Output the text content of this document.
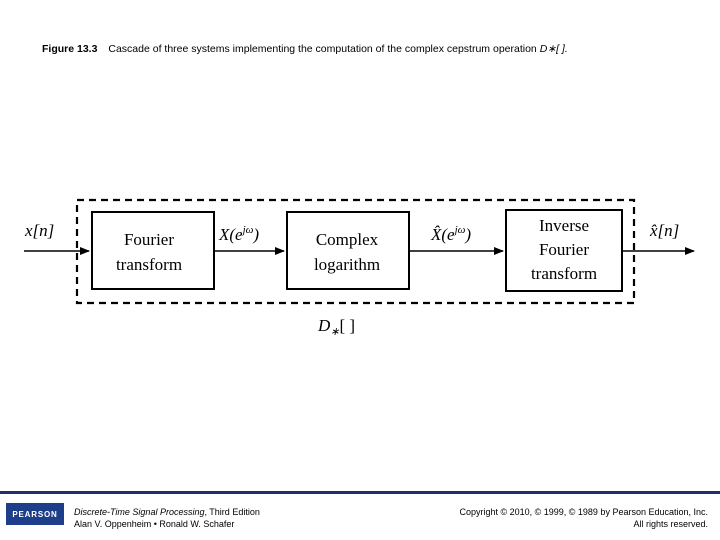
Figure 13.3 Cascade of three systems implementing the computation of the complex cepstrum operation D∗[ ].
Fourier
transform
Complex
logarithm
Inverse
Fourier
transform
x[n]	x̂[n]
$X(e^{j\omega})$	$X̂(e^{j\omega})$
$D_∗$[ ]
PEARSON	Discrete-Time Signal Processing, Third Edition
Alan V. Oppenheim • Ronald W. Schafer
Copyright © 2010, © 1999, © 1989 by Pearson Education, Inc.
All rights reserved.
